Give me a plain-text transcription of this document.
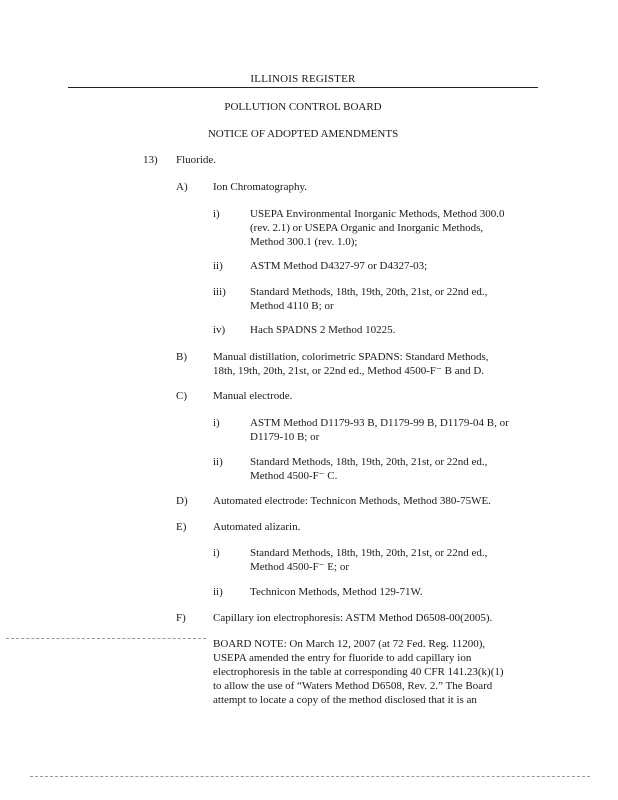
ILLINOIS REGISTER

POLLUTION CONTROL BOARD

NOTICE OF ADOPTED AMENDMENTS

13) Fluoride.
A) Ion Chromatography.
i)	USEPA Environmental Inorganic Methods, Method 300.0
(rev. 2.1) or USEPA Organic and Inorganic Methods,
Method 300.1 (rev. 1.0);
ii) ASTM Method D4327-97 or D4327-03;
iii) Standard Methods, 18th, 19th, 20th, 21st, or 22nd ed.,
Method 4110 B; or
iv) Hach SPADNS 2 Method 10225.
B) Manual distillation, colorimetric SPADNS: Standard Methods,
18th, 19th, 20th, 21st, or 22nd ed., Method 4500-F⁻ B and D.
C) Manual electrode.
i)	ASTM Method D1179-93 B, D1179-99 B, D1179-04 B, or
D1179-10 B; or
ii) Standard Methods, 18th, 19th, 20th, 21st, or 22nd ed.,
Method 4500-F⁻ C.
D) Automated electrode: Technicon Methods, Method 380-75WE.
E) Automated alizarin.
i)	Standard Methods, 18th, 19th, 20th, 21st, or 22nd ed.,
Method 4500-F⁻ E; or
ii) Technicon Methods, Method 129-71W.
F) Capillary ion electrophoresis: ASTM Method D6508-00(2005).
BOARD NOTE: On March 12, 2007 (at 72 Fed. Reg. 11200),
USEPA amended the entry for fluoride to add capillary ion
electrophoresis in the table at corresponding 40 CFR 141.23(k)(1)
to allow the use of “Waters Method D6508, Rev. 2.” The Board
attempt to locate a copy of the method disclosed that it is an
